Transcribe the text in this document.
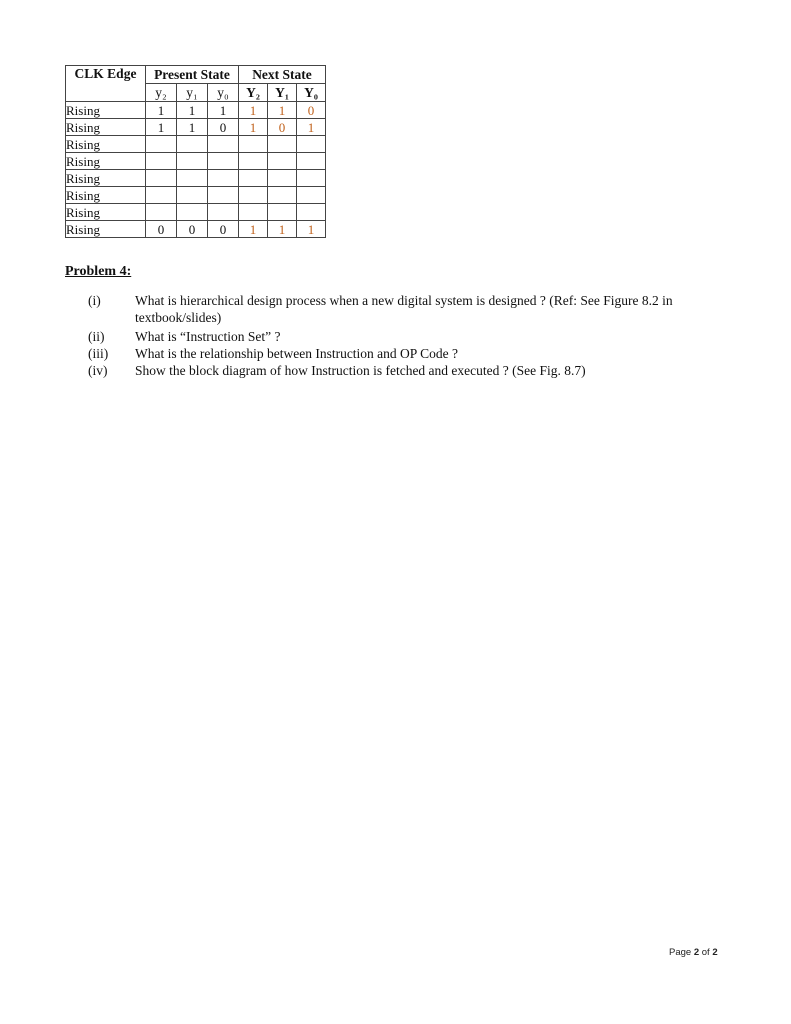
CLK Edge	Present State			Next State		
	y₂	y₁	y₀	Y₂	Y₁	Y₀
Rising	1	1	1	1	1	0
Rising	1	1	0	1	0	1
Rising						
Rising						
Rising						
Rising						
Rising						
Rising	0	0	0	1	1	1
Problem 4:
(i)	What is hierarchical design process when a new digital system is designed ? (Ref: See Figure 8.2 in textbook/slides)
(ii)	What is “Instruction Set” ?
(iii)	What is the relationship between Instruction and OP Code ?
(iv)	Show the block diagram of how Instruction is fetched and executed ? (See Fig. 8.7)
Page 2 of 2
